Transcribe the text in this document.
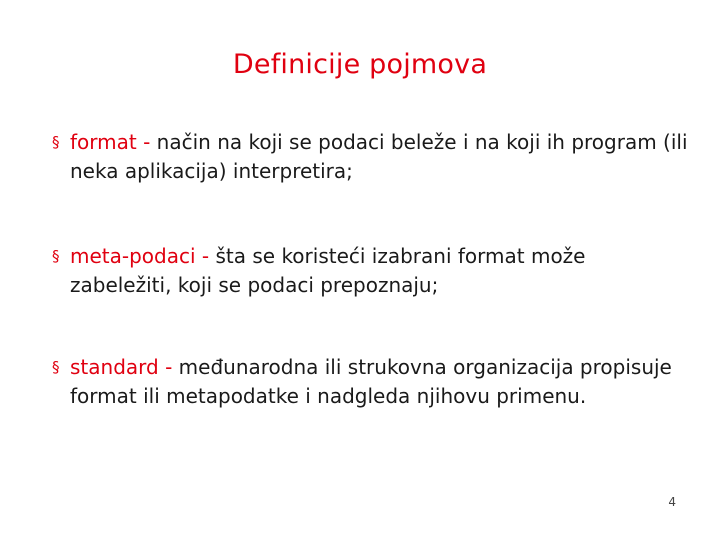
Definicije pojmova
§ format - način na koji se podaci beleže i na koji ih program (ili neka aplikacija) interpretira;
§ meta-podaci - šta se koristeći izabrani format može zabeležiti, koji se podaci prepoznaju;
§ standard - međunarodna ili strukovna organizacija propisuje format ili metapodatke i nadgleda njihovu primenu.
4
